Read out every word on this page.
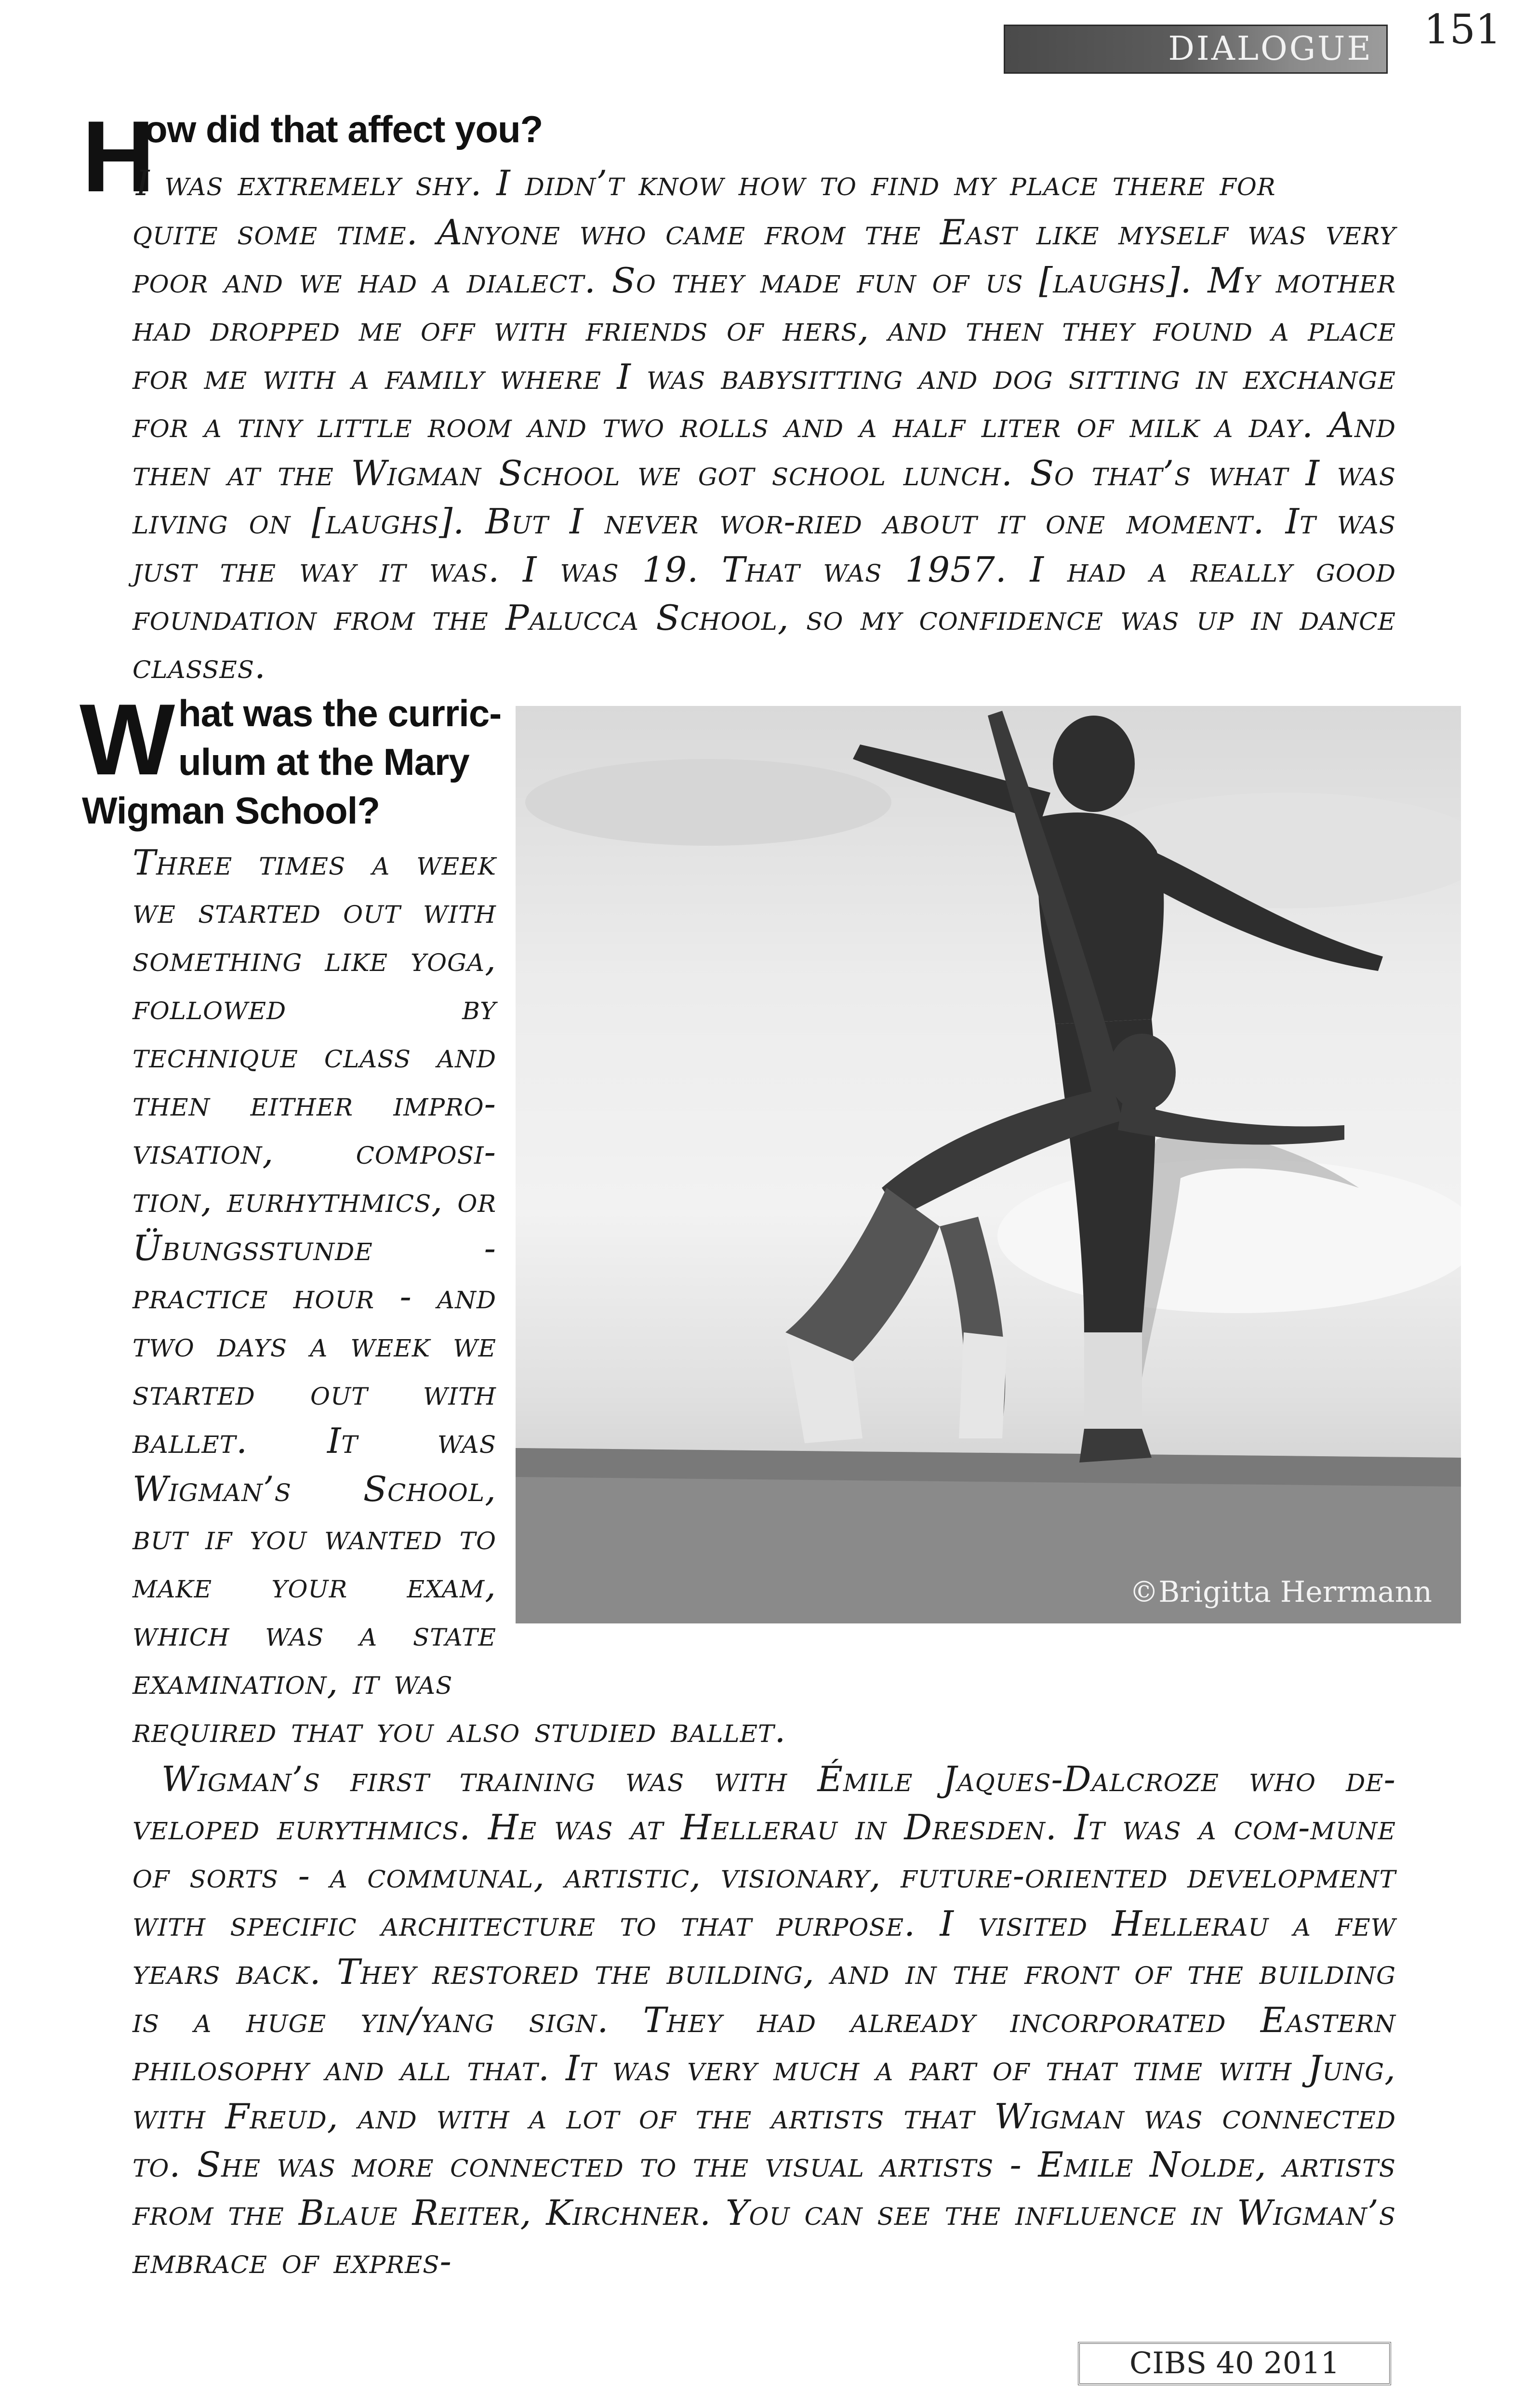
DIALOGUE 151
H
ow did that affect you?

I was extremely shy. I didn’t know how to find my place there for

quite some time. Anyone who came from the East like myself was very poor and we had a dialect. So they made fun of us [laughs]. My mother had dropped me off with friends of hers, and then they found a place for me with a family where I was babysitting and dog sitting in exchange for a tiny little room and two rolls and a half liter of milk a day. And then at the Wigman School we got school lunch. So that’s what I was living on [laughs]. But I never wor-ried about it one moment. It was just the way it was. I was 19. That was 1957. I had a really good foundation from the Palucca School, so my confidence was up in dance classes.

W hat was the curric-
ulum at the Mary
Wigman School?

Three times a week we started out with something like yoga, followed by technique class and then either impro-visation, composi-tion, eurhythmics, or Übungsstunde - practice hour - and two days a week we started out with ballet. It was Wigman’s School, but if you wanted to make your exam, which was a state examination, it was

required that you also studied ballet.

©Brigitta Herrmann

Wigman’s first training was with Émile Jaques-Dalcroze who de-veloped eurythmics. He was at Hellerau in Dresden. It was a com-mune of sorts - a communal, artistic, visionary, future-oriented development with specific architecture to that purpose. I visited Hellerau a few years back. They restored the building, and in the front of the building is a huge yin/yang sign. They had already incorporated Eastern philosophy and all that. It was very much a part of that time with Jung, with Freud, and with a lot of the artists that Wigman was connected to. She was more connected to the visual artists - Emile Nolde, artists from the Blaue Reiter, Kirchner. You can see the influence in Wigman’s embrace of expres-

CIBS 40 2011
